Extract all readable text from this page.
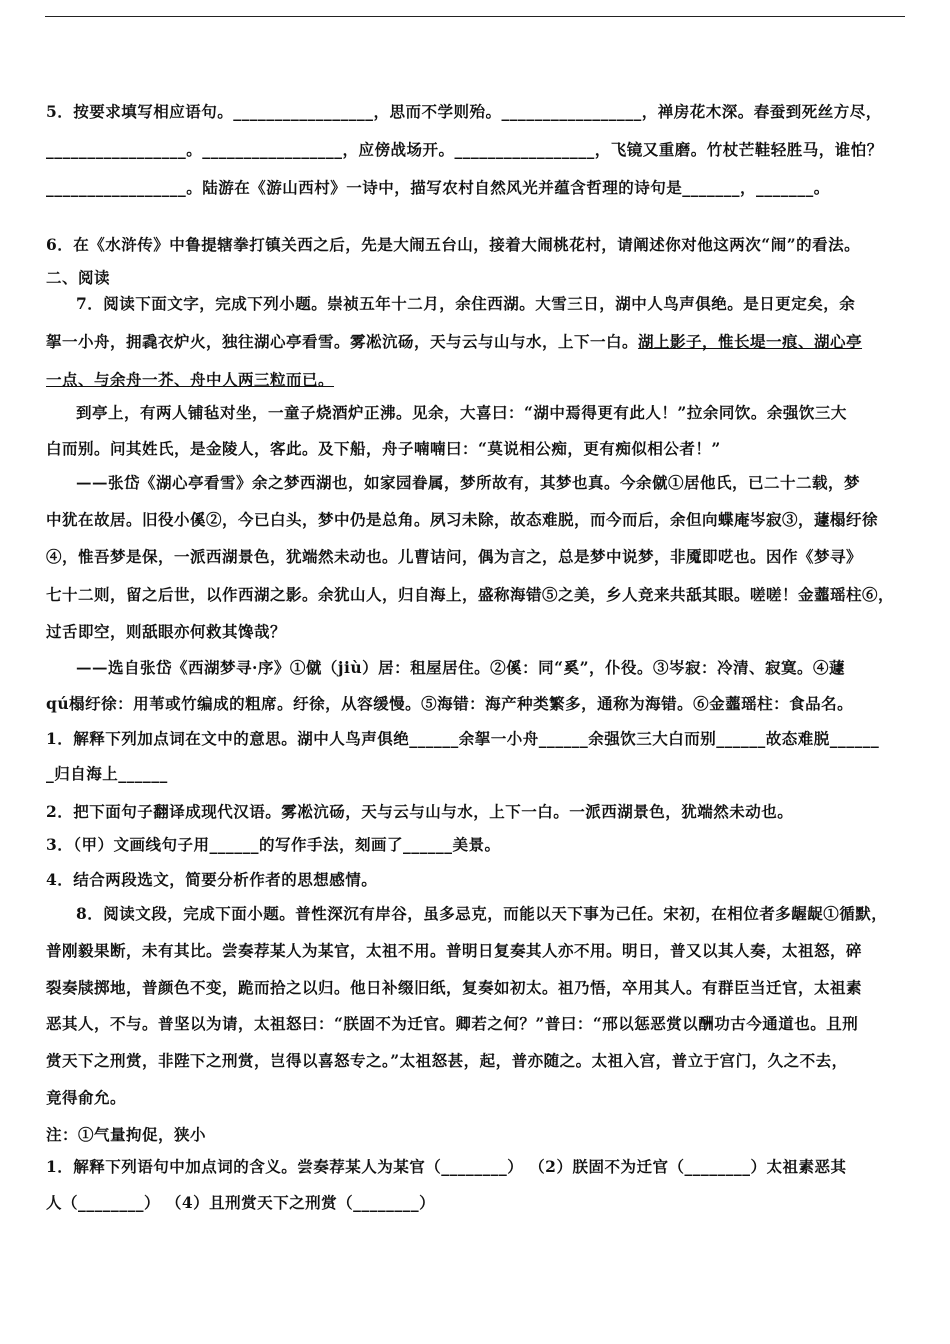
5．按要求填写相应语句。_________________，思而不学则殆。_________________，禅房花木深。春蚕到死丝方尽，
_________________。_________________，应傍战场开。_________________，飞镜又重磨。竹杖芒鞋轻胜马，谁怕？
_________________。陆游在《游山西村》一诗中，描写农村自然风光并蕴含哲理的诗句是_______，_______。
6．在《水浒传》中鲁提辖拳打镇关西之后，先是大闹五台山，接着大闹桃花村，请阐述你对他这两次“闹”的看法。
二、阅读
7．阅读下面文字，完成下列小题。崇祯五年十二月，余住西湖。大雪三日，湖中人鸟声俱绝。是日更定矣，余
挐一小舟，拥毳衣炉火，独往湖心亭看雪。雾凇沆砀，天与云与山与水，上下一白。湖上影子，惟长堤一痕、湖心亭
一点、与余舟一芥、舟中人两三粒而已。
到亭上，有两人铺毡对坐，一童子烧酒炉正沸。见余，大喜曰：“湖中焉得更有此人！”拉余同饮。余强饮三大
白而别。问其姓氏，是金陵人，客此。及下船，舟子喃喃曰：“莫说相公痴，更有痴似相公者！”
——张岱《湖心亭看雪》余之梦西湖也，如家园眷属，梦所故有，其梦也真。今余僦①居他氏，已二十二载，梦
中犹在故居。旧役小傒②，今已白头，梦中仍是总角。夙习未除，故态难脱，而今而后，余但向蝶庵岑寂③，蘧榻纡徐
④，惟吾梦是保，一派西湖景色，犹端然未动也。儿曹诘问，偶为言之，总是梦中说梦，非魇即呓也。因作《梦寻》
七十二则，留之后世，以作西湖之影。余犹山人，归自海上，盛称海错⑤之美，乡人竞来共舐其眼。嗟嗟！金虀瑶柱⑥，
过舌即空，则舐眼亦何救其馋哉？
——选自张岱《西湖梦寻·序》①僦（jiù）居：租屋居住。②傒：同“奚”，仆役。③岑寂：冷清、寂寞。④蘧
qú榻纡徐：用苇或竹编成的粗席。纡徐，从容缓慢。⑤海错：海产种类繁多，通称为海错。⑥金虀瑶柱：食品名。
1．解释下列加点词在文中的意思。湖中人鸟声俱绝______余挐一小舟______余强饮三大白而别______故态难脱______
_归自海上______
2．把下面句子翻译成现代汉语。雾凇沆砀，天与云与山与水，上下一白。一派西湖景色，犹端然未动也。
3．（甲）文画线句子用______的写作手法，刻画了______美景。
4．结合两段选文，简要分析作者的思想感情。
8．阅读文段，完成下面小题。普性深沉有岸谷，虽多忌克，而能以天下事为己任。宋初，在相位者多龌龊①循默，
普刚毅果断，未有其比。尝奏荐某人为某官，太祖不用。普明日复奏其人亦不用。明日，普又以其人奏，太祖怒，碎
裂奏牍掷地，普颜色不变，跪而拾之以归。他日补缀旧纸，复奏如初太。祖乃悟，卒用其人。有群臣当迁官，太祖素
恶其人，不与。普坚以为请，太祖怒曰：“朕固不为迁官。卿若之何？”普曰：“邢以惩恶赏以酬功古今通道也。且刑
赏天下之刑赏，非陛下之刑赏，岂得以喜怒专之。”太祖怒甚，起，普亦随之。太祖入宫，普立于宫门，久之不去，
竟得俞允。
注：①气量拘促，狭小
1．解释下列语句中加点词的含义。尝奏荐某人为某官（________） （2）朕固不为迁官（________）太祖素恶其
人（________） （4）且刑赏天下之刑赏（________）
